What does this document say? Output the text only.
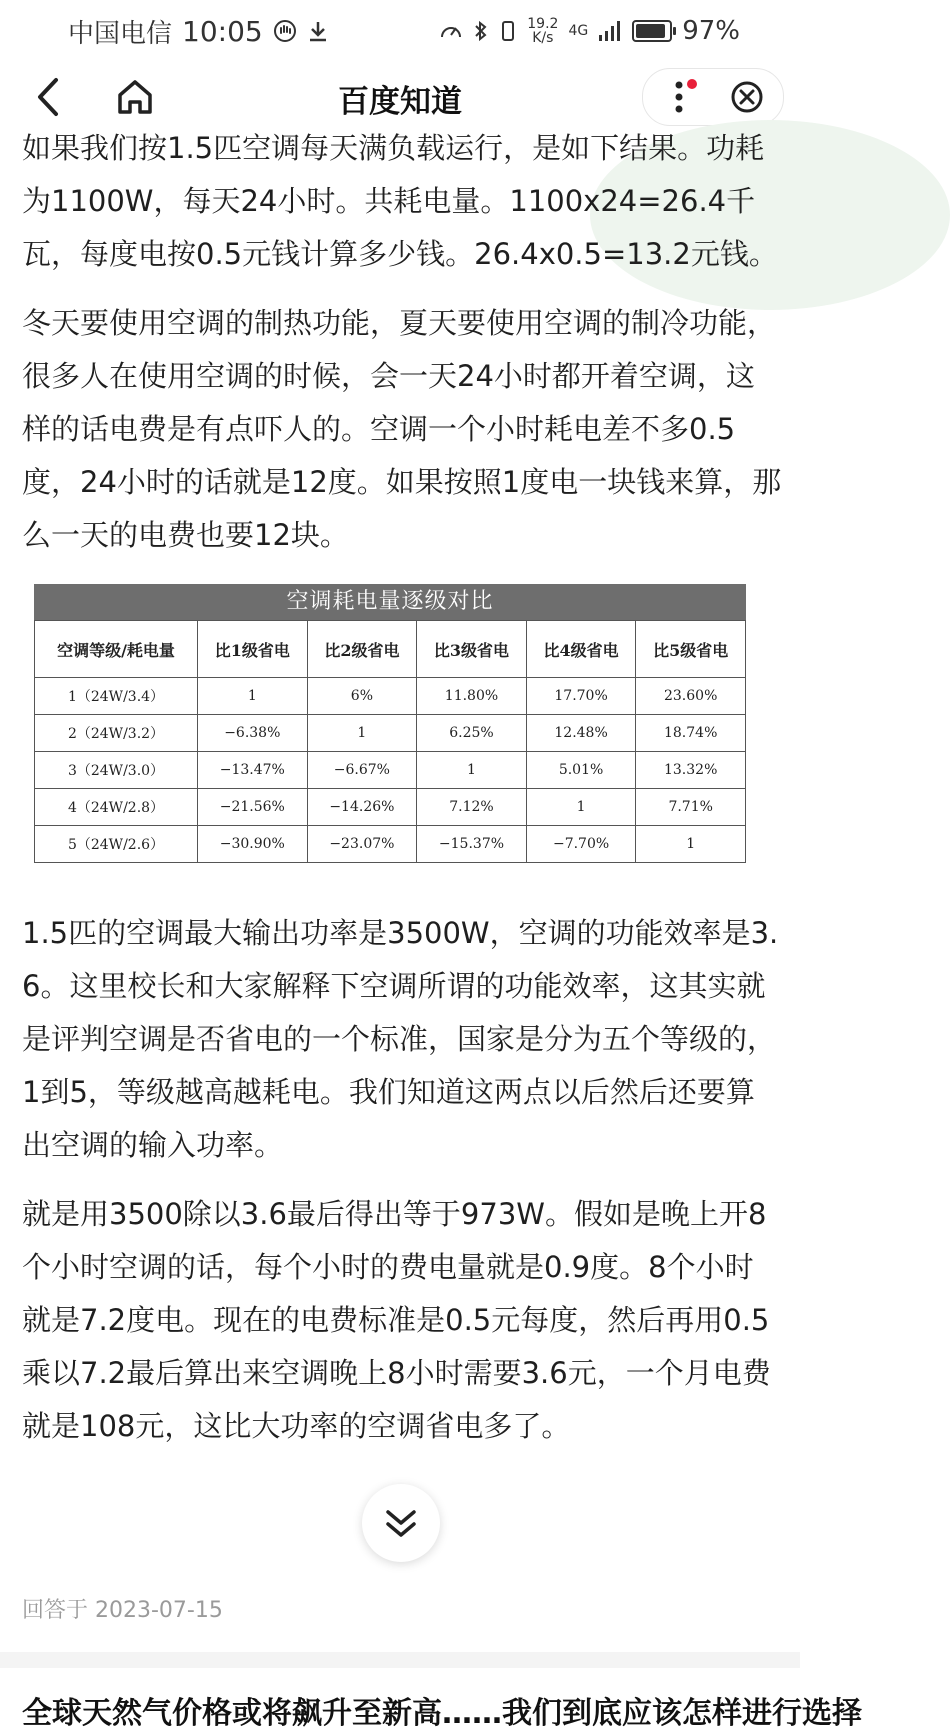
中国电信 10:05	19.2
K/s	4G	97%
百度知道

如果我们按1.5匹空调每天满负载运行，是如下结果。功耗为1100W，每天24小时。共耗电量。1100x24=26.4千瓦，每度电按0.5元钱计算多少钱。26.4x0.5=13.2元钱。

冬天要使用空调的制热功能，夏天要使用空调的制冷功能，很多人在使用空调的时候，会一天24小时都开着空调，这样的话电费是有点吓人的。空调一个小时耗电差不多0.5度，24小时的话就是12度。如果按照1度电一块钱来算，那么一天的电费也要12块。

空调耗电量逐级对比
空调等级/耗电量	比1级省电	比2级省电	比3级省电	比4级省电	比5级省电
1（24W/3.4）	1	6%	11.80%	17.70%	23.60%
2（24W/3.2）	−6.38%	1	6.25%	12.48%	18.74%
3（24W/3.0）	−13.47%	−6.67%	1	5.01%	13.32%
4（24W/2.8）	−21.56%	−14.26%	7.12%	1	7.71%
5（24W/2.6）	−30.90%	−23.07%	−15.37%	−7.70%	1

1.5匹的空调最大输出功率是3500W，空调的功能效率是3.6。这里校长和大家解释下空调所谓的功能效率，这其实就是评判空调是否省电的一个标准，国家是分为五个等级的，1到5，等级越高越耗电。我们知道这两点以后然后还要算出空调的输入功率。

就是用3500除以3.6最后得出等于973W。假如是晚上开8个小时空调的话，每个小时的费电量就是0.9度。8个小时就是7.2度电。现在的电费标准是0.5元每度，然后再用0.5乘以7.2最后算出来空调晚上8小时需要3.6元，一个月电费就是108元，这比大功率的空调省电多了。

回答于 2023-07-15
全球天然气价格或将飙升至新高……我们到底应该怎样进行选择
